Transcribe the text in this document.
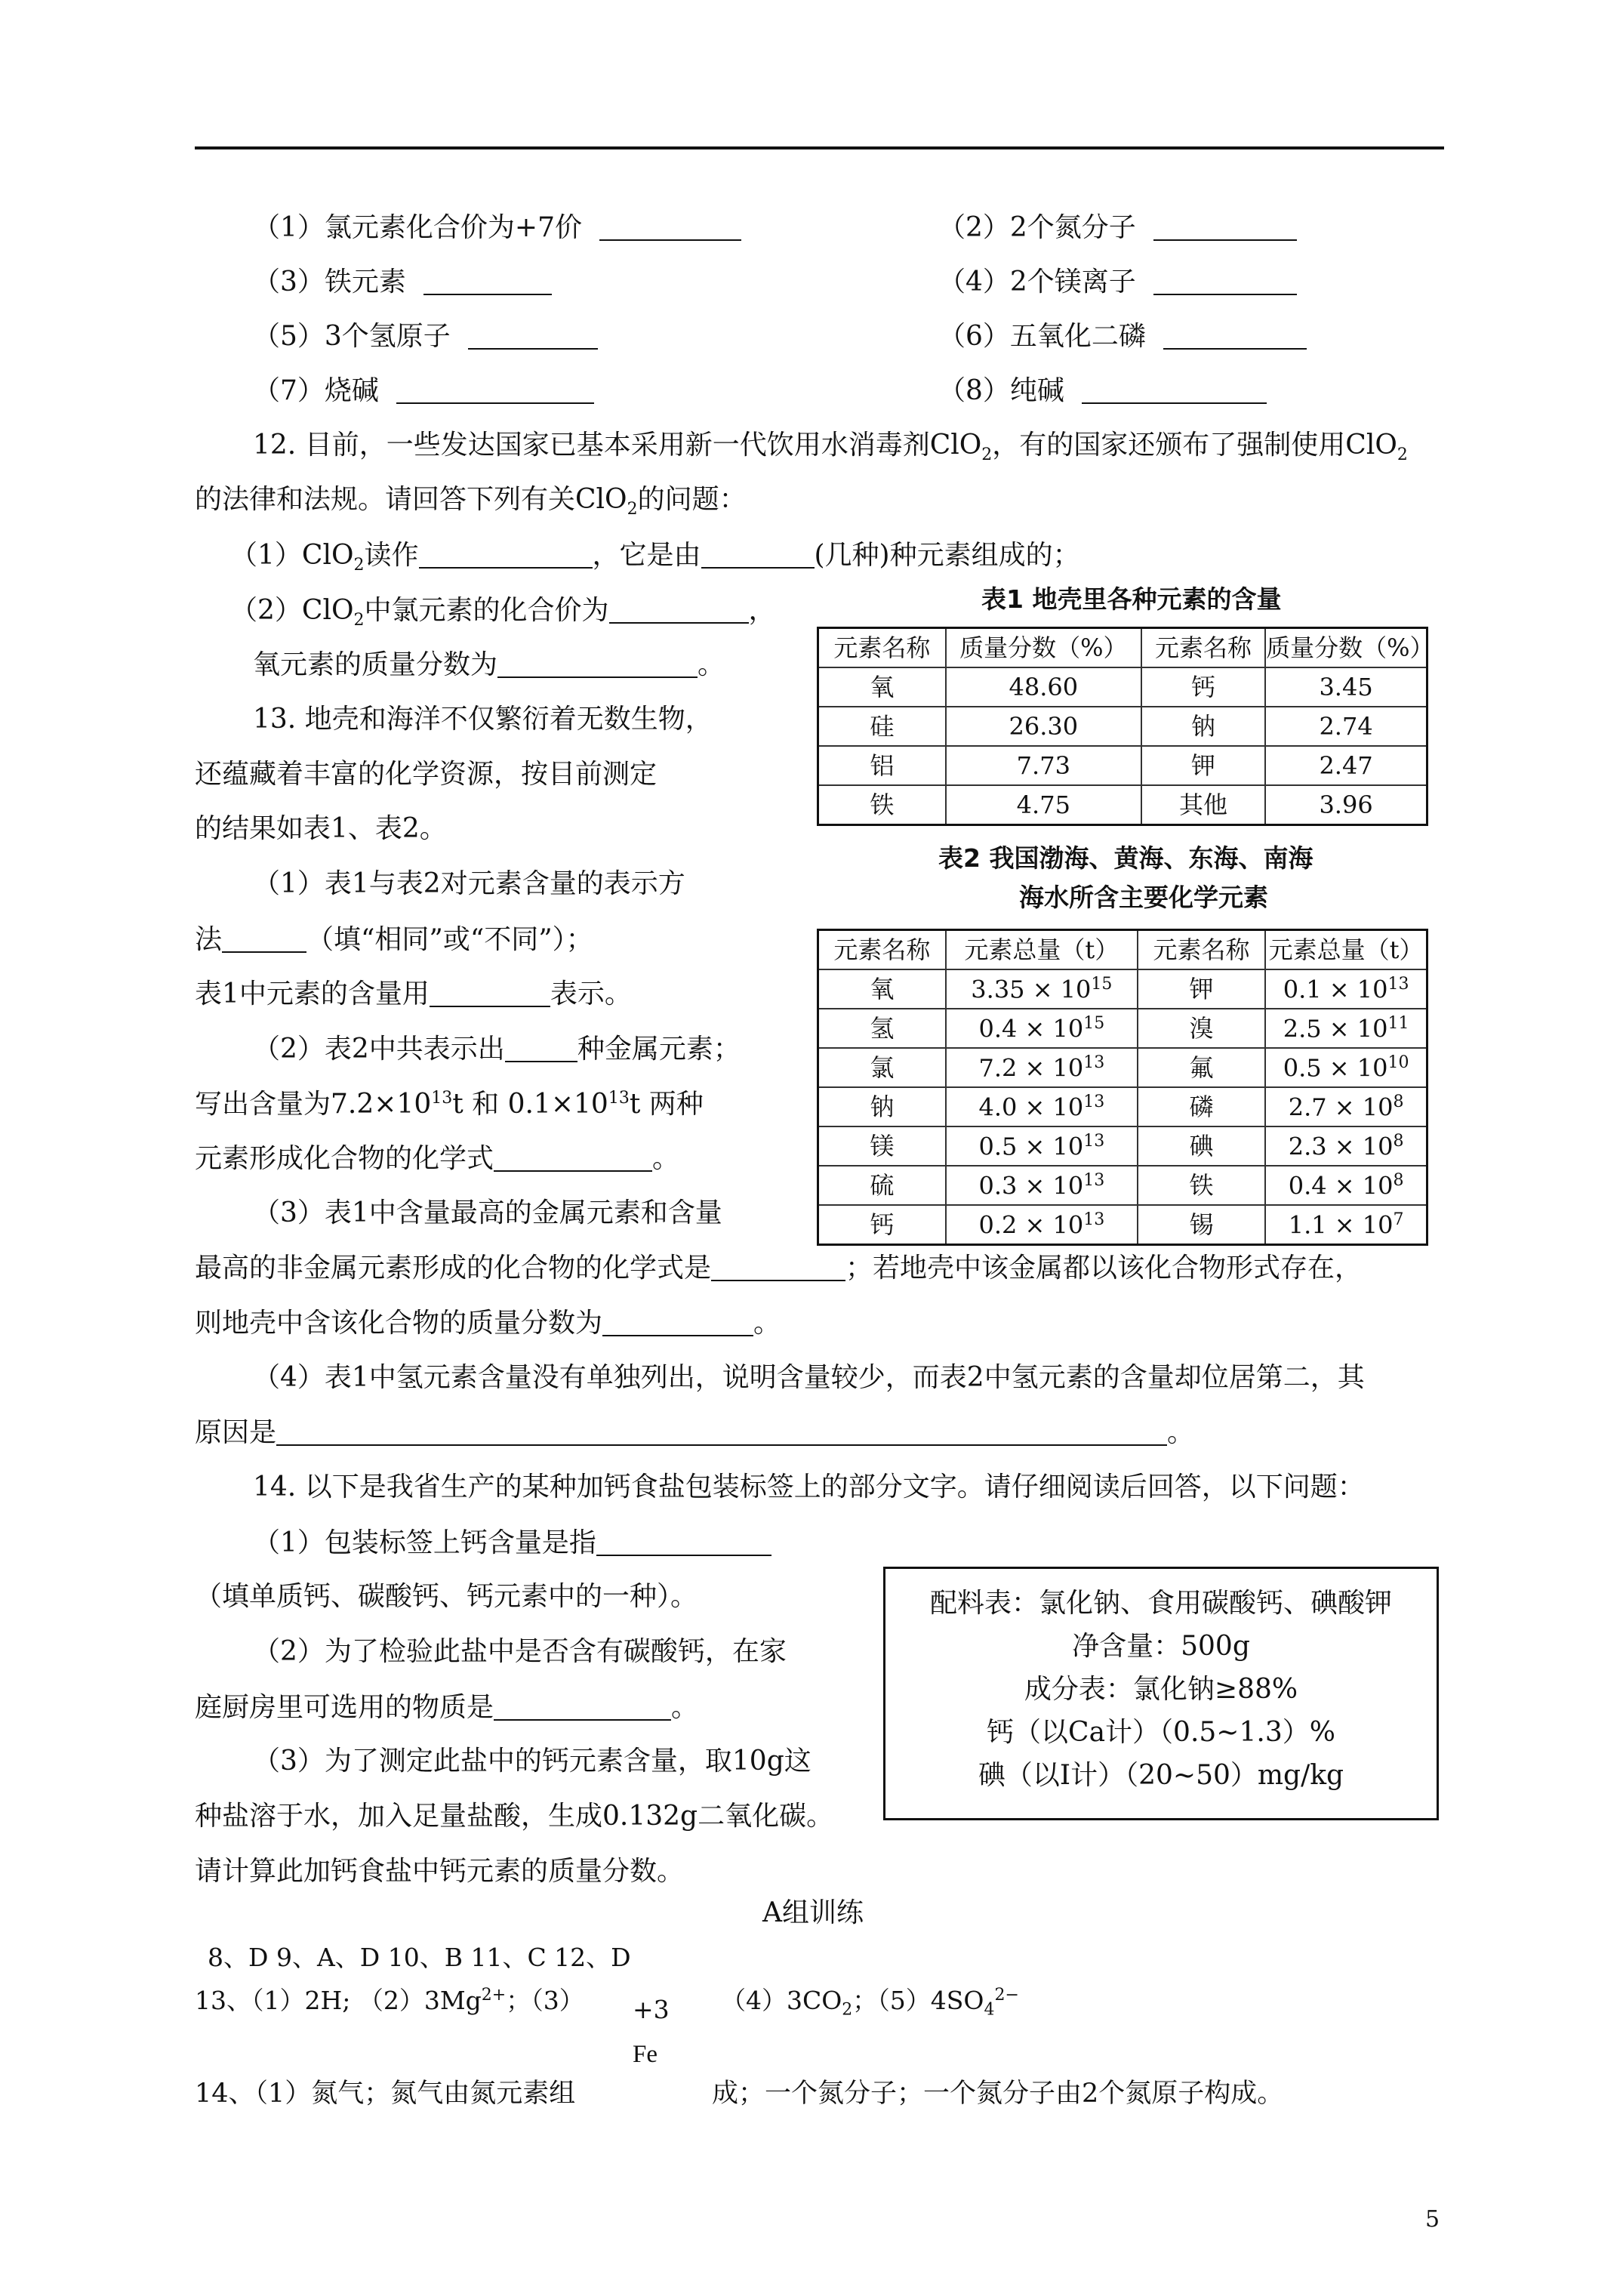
（1）氯元素化合价为+7价	（2）2个氮分子
（3）铁元素	（4）2个镁离子
（5）3个氢原子	（6）五氧化二磷
（7）烧碱	（8）纯碱
12. 目前，一些发达国家已基本采用新一代饮用水消毒剂ClO$_2$，有的国家还颁布了强制使用ClO$_2$
的法律和法规。请回答下列有关ClO$_2$的问题：
（1）ClO$_2$读作	，它是由	(几种)种元素组成的；
（2）ClO$_2$中氯元素的化合价为	，
氧元素的质量分数为	。
13. 地壳和海洋不仅繁衍着无数生物，
还蕴藏着丰富的化学资源，按目前测定
的结果如表1、表2。
（1）表1与表2对元素含量的表示方
法	（填“相同”或“不同”）；
表1中元素的含量用	表示。
（2）表2中共表示出	种金属元素；
写出含量为$7.2\times 10^{13}t$ 和 $0.1\times 10^{13}t$ 两种
元素形成化合物的化学式	。
（3）表1中含量最高的金属元素和含量
最高的非金属元素形成的化合物的化学式是	；若地壳中该金属都以该化合物形式存在，
则地壳中含该化合物的质量分数为	。
（4）表1中氢元素含量没有单独列出，说明含量较少，而表2中氢元素的含量却位居第二，其
原因是	。
表1 地壳里各种元素的含量
元素名称	质量分数（%）	元素名称	质量分数（%）
氧	48.60	钙	3.45
硅	26.30	钠	2.74
铝	7.73	钾	2.47
铁	4.75	其他	3.96
表2 我国渤海、黄海、东海、南海
海水所含主要化学元素
元素名称	元素总量（t）	元素名称	元素总量（t）
氧	$3.35 \times 10^{15}$	钾	$0.1 \times 10^{13}$
氢	$0.4 \times 10^{15}$	溴	$2.5 \times 10^{11}$
氯	$7.2 \times 10^{13}$	氟	$0.5 \times 10^{10}$
钠	$4.0 \times 10^{13}$	磷	$2.7 \times 10^8$
镁	$0.5 \times 10^{13}$	碘	$2.3 \times 10^8$
硫	$0.3 \times 10^{13}$	铁	$0.4 \times 10^8$
钙	$0.2 \times 10^{13}$	锡	$1.1 \times 10^7$
14. 以下是我省生产的某种加钙食盐包装标签上的部分文字。请仔细阅读后回答，以下问题：
（1）包装标签上钙含量是指
（填单质钙、碳酸钙、钙元素中的一种）。
（2）为了检验此盐中是否含有碳酸钙，在家
庭厨房里可选用的物质是	。
（3）为了测定此盐中的钙元素含量，取10g这
种盐溶于水，加入足量盐酸，生成0.132g二氧化碳。
请计算此加钙食盐中钙元素的质量分数。
配料表：氯化钠、食用碳酸钙、碘酸钾
净含量：500g
成分表：氯化钠≥88%
钙（以Ca计）（0.5~1.3）%
碘（以I计）（20~50）mg/kg
A组训练
8、D 9、A、D 10、B 11、C 12、D
13、（1）2H; $(2)3Mg^{2+}$；（3） +3 $(4)3CO_2$；$(5)4SO_4^{2-}$
Fe
14、（1）氮气；氮气由氮元素组	成；一个氮分子；一个氮分子由2个氮原子构成。
5
